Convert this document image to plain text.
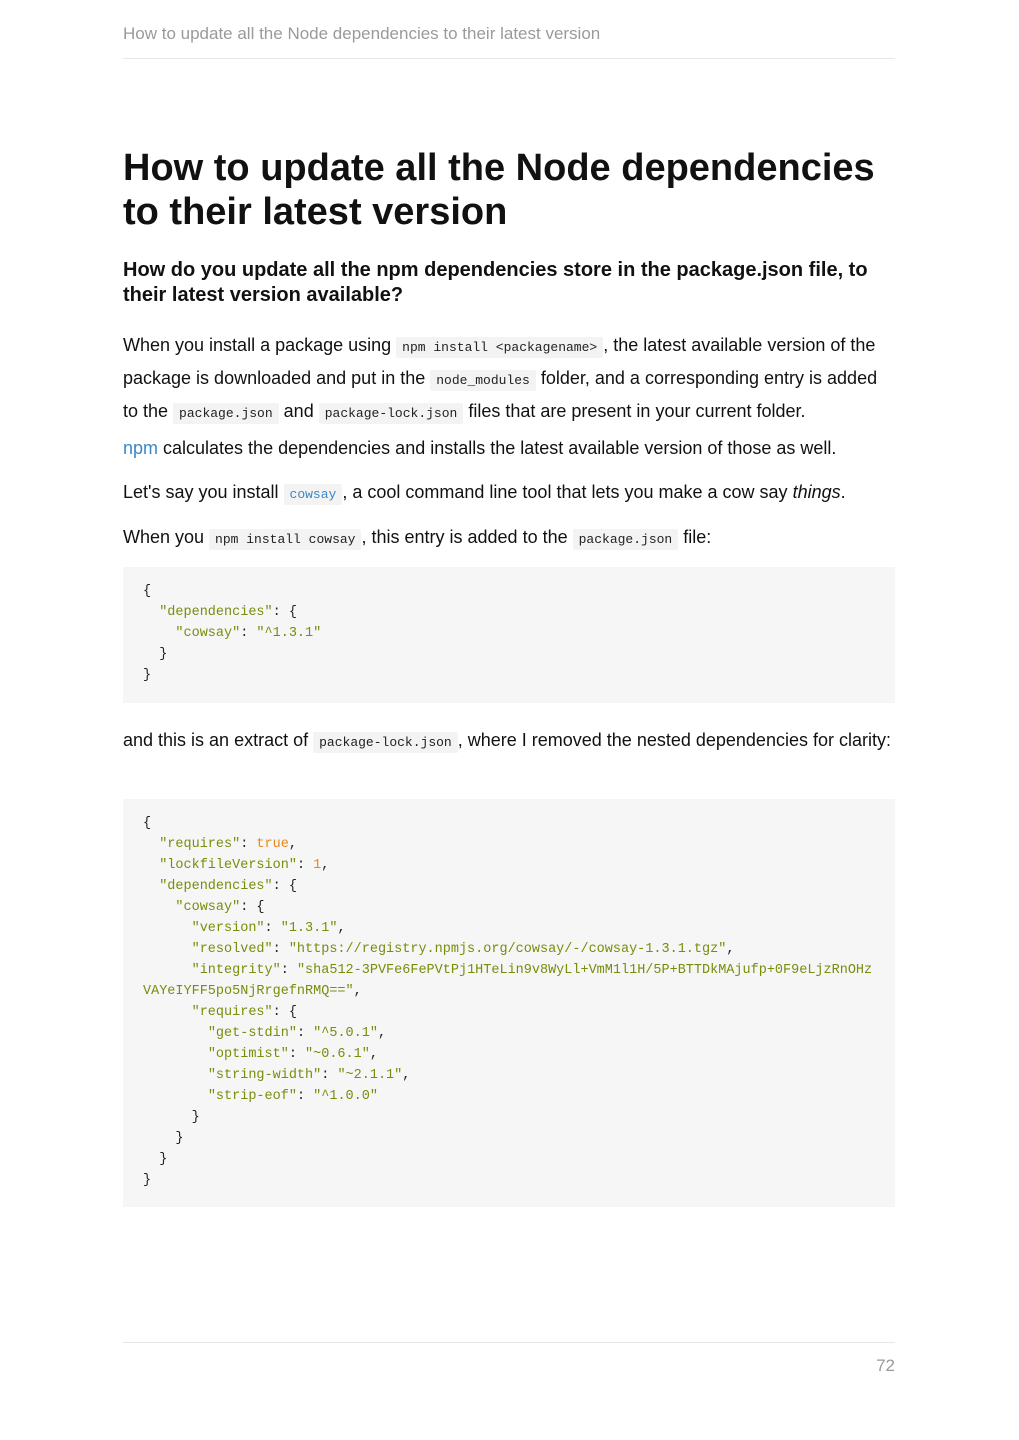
How to update all the Node dependencies to their latest version
How to update all the Node dependencies to their latest version
How do you update all the npm dependencies store in the package.json file, to their latest version available?

When you install a package using npm install <packagename> , the latest available version of the package is downloaded and put in the node_modules folder, and a corresponding entry is added to the package.json and package-lock.json files that are present in your current folder.

npm calculates the dependencies and installs the latest available version of those as well.

Let's say you install cowsay , a cool command line tool that lets you make a cow say things.

When you npm install cowsay , this entry is added to the package.json file:

{
"dependencies": {
"cowsay": "^1.3.1"
}
}

and this is an extract of package-lock.json , where I removed the nested dependencies for clarity:

{
"requires": true,
"lockfileVersion": 1,
"dependencies": {
"cowsay": {
"version": "1.3.1",
"resolved": "https://registry.npmjs.org/cowsay/-/cowsay-1.3.1.tgz",
"integrity": "sha512-3PVFe6FePVtPj1HTeLin9v8WyLl+VmM1l1H/5P+BTTDkMAjufp+0F9eLjzRnOHz
VAYeIYFF5po5NjRrgefnRMQ==",
"requires": {
"get-stdin": "^5.0.1",
"optimist": "~0.6.1",
"string-width": "~2.1.1",
"strip-eof": "^1.0.0"
}
}
}
}
72
